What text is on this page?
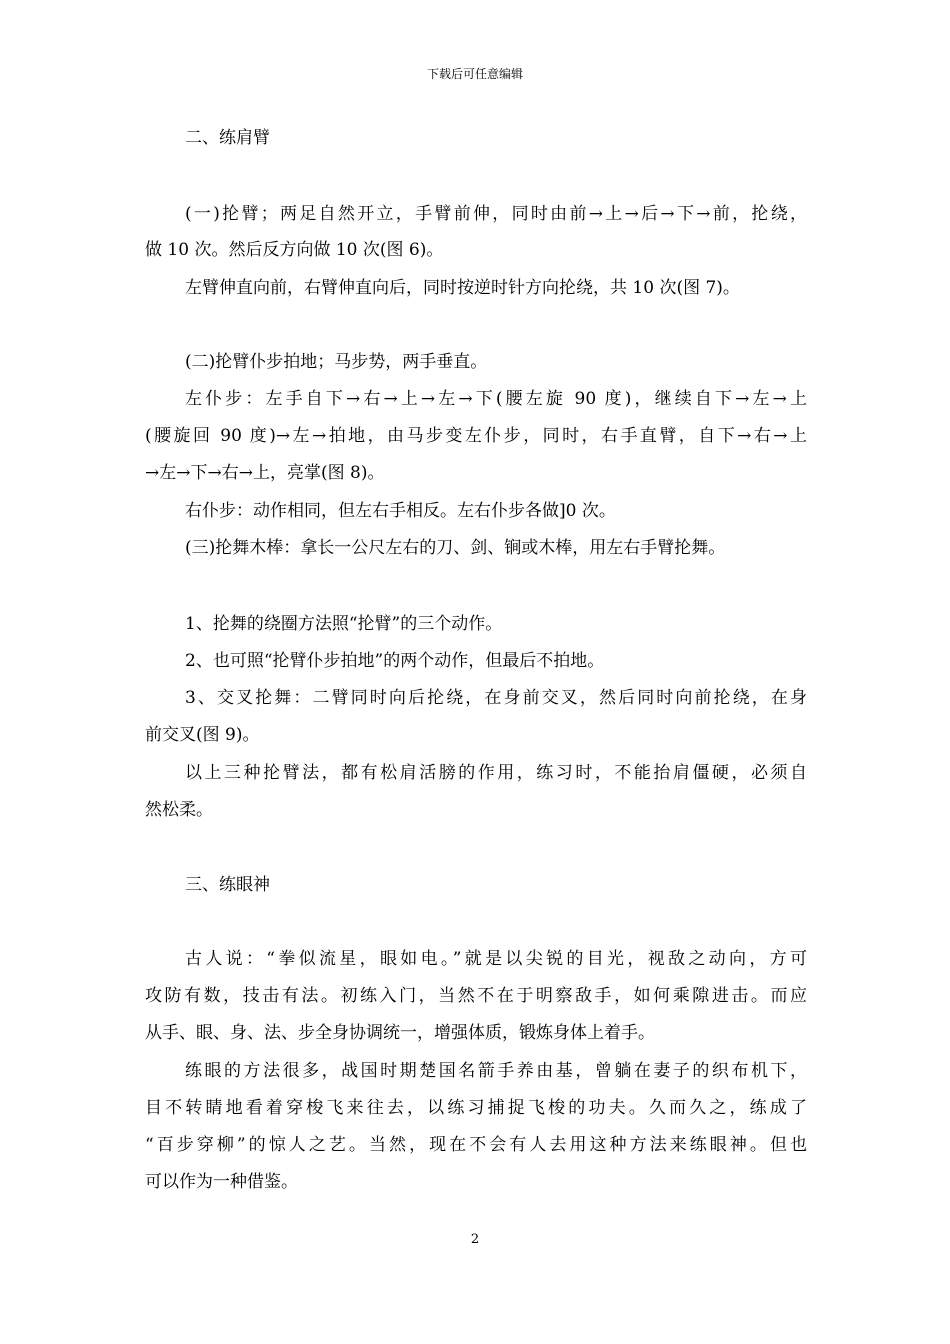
下载后可任意编辑
二、练肩臂
(一)抡臂；两足自然开立，手臂前伸，同时由前→上→后→下→前，抡绕，
做 10 次。然后反方向做 10 次(图 6)。
左臂伸直向前，右臂伸直向后，同时按逆时针方向抡绕，共 10 次(图 7)。
(二)抡臂仆步拍地；马步势，两手垂直。
左仆步：左手自下→右→上→左→下(腰左旋 90 度)，继续自下→左→上
(腰旋回 90 度)→左→拍地，由马步变左仆步，同时，右手直臂，自下→右→上
→左→下→右→上，亮掌(图 8)。
右仆步：动作相同，但左右手相反。左右仆步各做]0 次。
(三)抡舞木棒：拿长一公尺左右的刀、剑、锏或木棒，用左右手臂抡舞。
1、抡舞的绕圈方法照“抡臂”的三个动作。
2、也可照“抡臂仆步拍地”的两个动作，但最后不拍地。
3、交叉抡舞：二臂同时向后抡绕，在身前交叉，然后同时向前抡绕，在身
前交叉(图 9)。
以上三种抡臂法，都有松肩活膀的作用，练习时，不能抬肩僵硬，必须自
然松柔。
三、练眼神
古人说：“拳似流星，眼如电。”就是以尖锐的目光，视敌之动向，方可
攻防有数，技击有法。初练入门，当然不在于明察敌手，如何乘隙进击。而应
从手、眼、身、法、步全身协调统一，增强体质，锻炼身体上着手。
练眼的方法很多，战国时期楚国名箭手养由基，曾躺在妻子的织布机下，
目不转睛地看着穿梭飞来往去，以练习捕捉飞梭的功夫。久而久之，练成了
“百步穿柳”的惊人之艺。当然，现在不会有人去用这种方法来练眼神。但也
可以作为一种借鉴。
2
